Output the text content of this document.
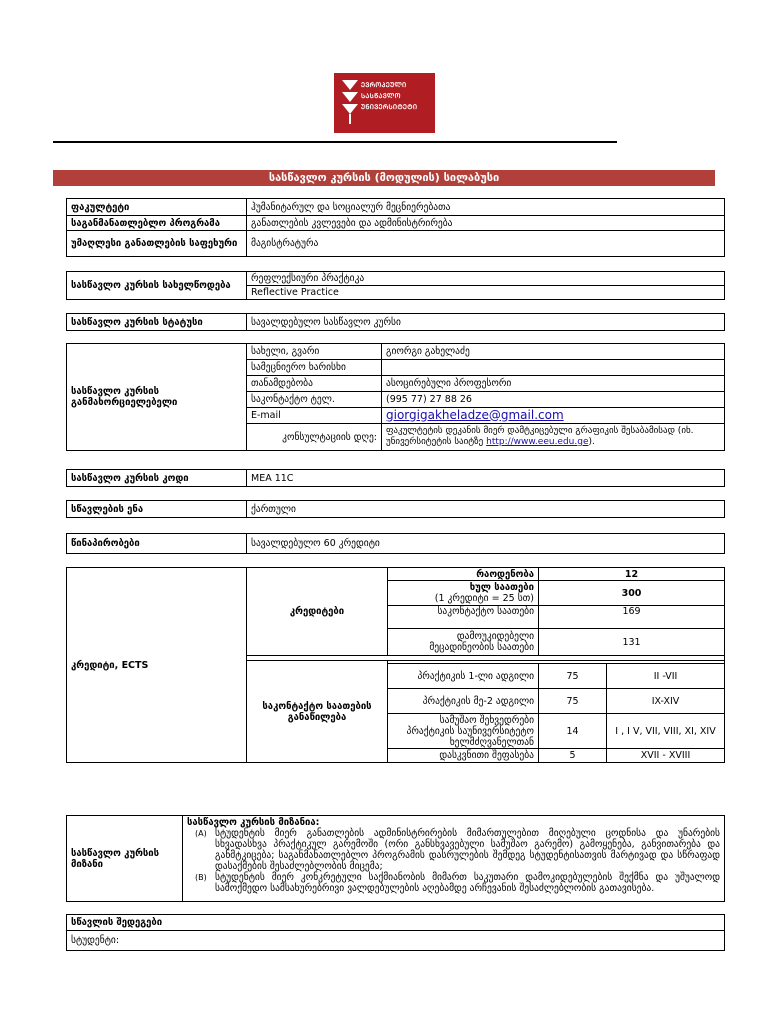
ᲔᲕᲠᲝᲞᲔᲣᲚᲘ
ᲡᲐᲡᲬᲐᲕᲚᲝ
ᲣᲜᲘᲕᲔᲠᲡᲘᲢᲔᲢᲘ
სასწავლო კურსის (მოდულის) სილაბუსი
ფაკულტეტი	ჰუმანიტარულ და სოციალურ მეცნიერებათა
საგანმანათლებლო პროგრამა	განათლების კვლევები და ადმინისტრირება
უმაღლესი განათლების საფეხური	მაგისტრატურა
სასწავლო კურსის სახელწოდება	რეფლექსიური პრაქტიკა
Reflective Practice
სასწავლო კურსის სტატუსი	სავალდებულო სასწავლო კურსი
სასწავლო კურსის განმახორციელებელი	სახელი, გვარი	გიორგი გახელაძე
	სამეცნიერო ხარისხი	
	თანამდებობა	ასოცირებული პროფესორი
	საკონტაქტო ტელ.	(995 77) 27 88 26
	E-mail	giorgigakheladze@gmail.com
	კონსულტაციის დღე:	ფაკულტეტის დეკანის მიერ დამტკიცებული გრაფიკის შესაბამისად (იხ. უნივერსიტეტის საიტზე http://www.eeu.edu.ge).
სასწავლო კურსის კოდი	MEA 11C
სწავლების ენა	ქართული
წინაპირობები	სავალდებულო 60 კრედიტი
კრედიტი, ECTS	კრედიტები	რაოდენობა	12	
		ხულ საათები
(1 კრედიტი = 25 სთ)	300	
		საკონტაქტო საათები	169	
		დამოუკიდებელი მეცადინეობის საათები	131	

	საკონტაქტო საათების განაწილება			
		პრაქტიკის 1-ლი ადგილი	75	II -VII
		პრაქტიკის მე-2 ადგილი	75	IX-XIV
		სამუშაო შეხვედრები პრაქტიკის საუნივერსიტეტო ხელმძღვანელთან	14	I , I V, VII, VIII, XI, XIV
		დასკვნითი შეფასება	5	XVII - XVIII
სასწავლო კურსის მიზანი	
სასწავლო კურსის მიზანია:
(A) სტუდენტის მიერ განათლების ადმინისტრირების მიმართულებით მიღებული ცოდნისა და უნარების სხვადასხვა პრაქტიკულ გარემოში (ორი განსხვავებული სამუშაო გარემო) გამოყენება, განვითარება და განმტკიცება; საგანმანათლებლო პროგრამის დასრულების შემდეგ სტუდენტისათვის მარტივად და სწრაფად დასაქმების შესაძლებლობის მიცემა;
(B) სტუდენტის მიერ კონკრეტული საქმიანობის მიმართ საკუთარი დამოკიდებულების შექმნა და უშუალოდ სამოქმედო სამსახურებრივი ვალდებულების აღებამდე არჩევანის შესაძლებლობის გათავისება.
სწავლის შედეგები
სტუდენტი:
